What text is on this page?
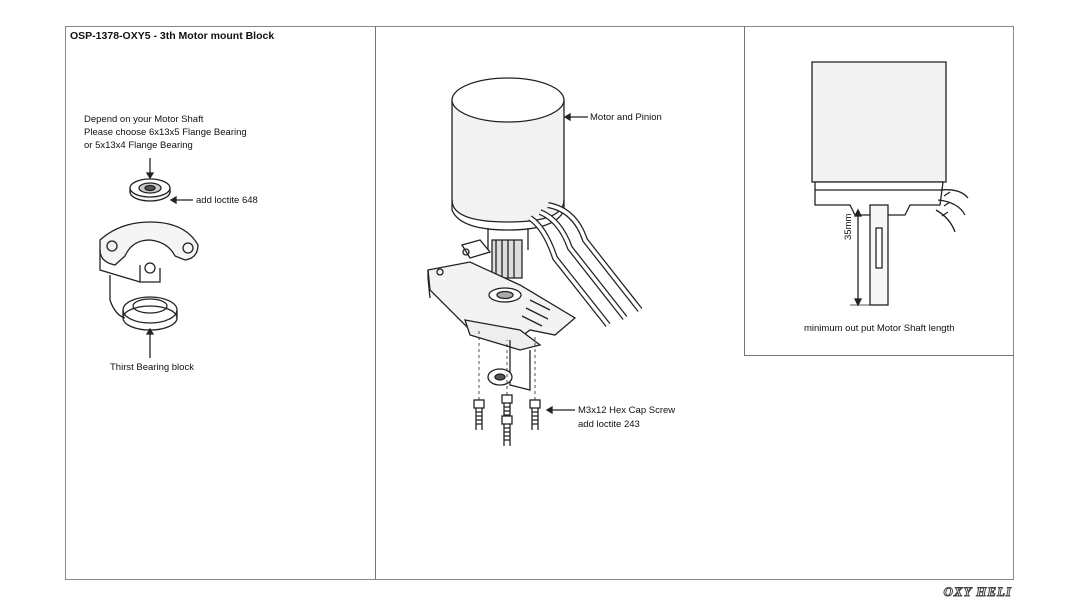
OSP-1378-OXY5 - 3th Motor mount Block
Depend on your Motor Shaft
Please choose 6x13x5 Flange Bearing
or 5x13x4 Flange Bearing
add loctite 648
Thirst Bearing block
Motor and Pinion
M3x12 Hex Cap Screw
add loctite 243
minimum out put Motor Shaft length
35mm
OXY HELI
